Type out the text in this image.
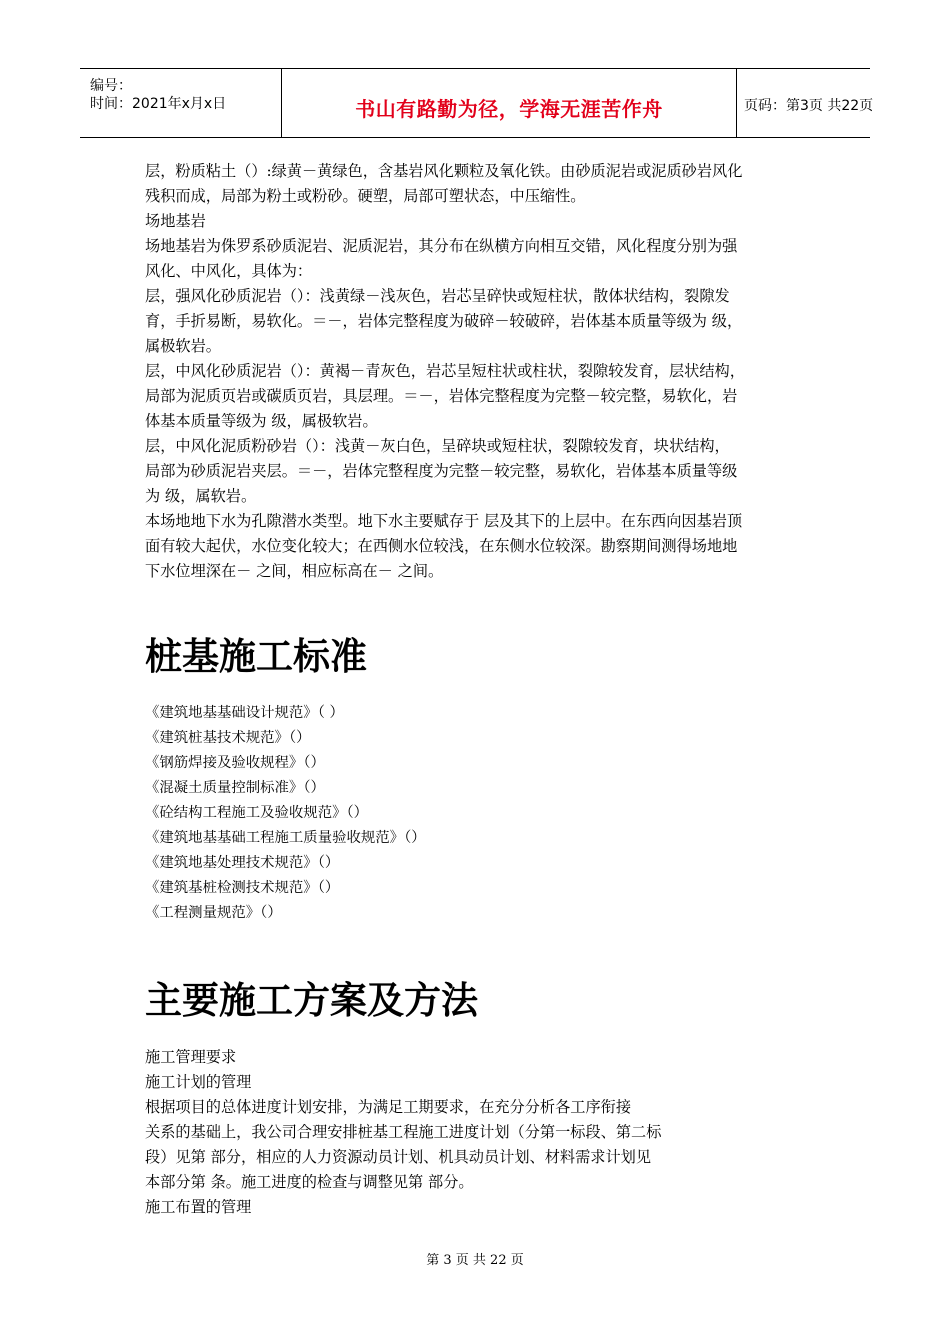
编号：
时间：2021年x月x日	书山有路勤为径，学海无涯苦作舟	页码：第3页 共22页

层，粉质粘土（）:绿黄－黄绿色，含基岩风化颗粒及氧化铁。由砂质泥岩或泥质砂岩风化

残积而成，局部为粉土或粉砂。硬塑，局部可塑状态，中压缩性。

场地基岩

场地基岩为侏罗系砂质泥岩、泥质泥岩，其分布在纵横方向相互交错，风化程度分别为强

风化、中风化，具体为：

层，强风化砂质泥岩（）：浅黄绿－浅灰色，岩芯呈碎快或短柱状，散体状结构，裂隙发

育，手折易断，易软化。＝－，岩体完整程度为破碎－较破碎，岩体基本质量等级为 级，

属极软岩。

层，中风化砂质泥岩（）：黄褐－青灰色，岩芯呈短柱状或柱状，裂隙较发育，层状结构，

局部为泥质页岩或碳质页岩，具层理。＝－，岩体完整程度为完整－较完整，易软化，岩

体基本质量等级为 级，属极软岩。

层，中风化泥质粉砂岩（）：浅黄－灰白色，呈碎块或短柱状，裂隙较发育，块状结构，

局部为砂质泥岩夹层。＝－，岩体完整程度为完整－较完整，易软化，岩体基本质量等级

为 级，属软岩。

本场地地下水为孔隙潜水类型。地下水主要赋存于 层及其下的上层中。在东西向因基岩顶

面有较大起伏，水位变化较大；在西侧水位较浅，在东侧水位较深。勘察期间测得场地地

下水位埋深在－ 之间，相应标高在－ 之间。

桩基施工标准

《建筑地基基础设计规范》（ ）

《建筑桩基技术规范》（）

《钢筋焊接及验收规程》（）

《混凝土质量控制标准》（）

《砼结构工程施工及验收规范》（）

《建筑地基基础工程施工质量验收规范》（）

《建筑地基处理技术规范》（）

《建筑基桩检测技术规范》（）

《工程测量规范》（）

主要施工方案及方法

施工管理要求

施工计划的管理

根据项目的总体进度计划安排，为满足工期要求，在充分分析各工序衔接

关系的基础上，我公司合理安排桩基工程施工进度计划（分第一标段、第二标

段）见第 部分，相应的人力资源动员计划、机具动员计划、材料需求计划见

本部分第 条。施工进度的检查与调整见第 部分。

施工布置的管理

第 3 页 共 22 页
